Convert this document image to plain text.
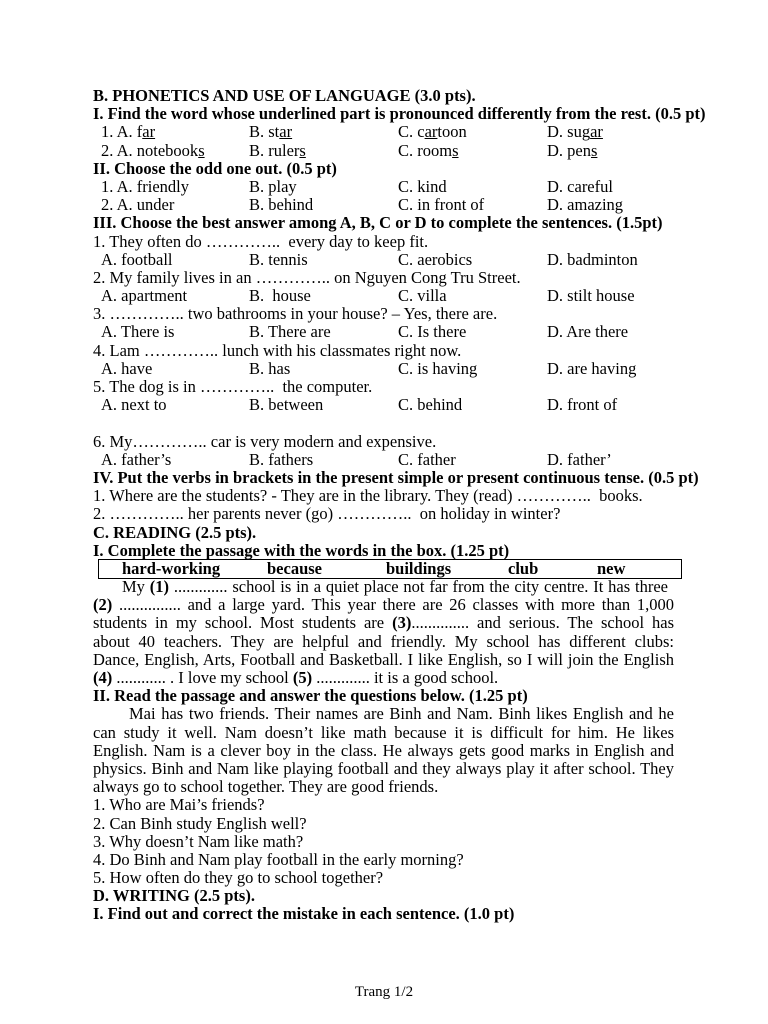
B. PHONETICS AND USE OF LANGUAGE (3.0 pts).
I. Find the word whose underlined part is pronounced differently from the rest. (0.5 pt)
1. A. far	B. star	C. cartoon	D. sugar
2. A. notebooks	B. rulers	C. rooms	D. pens
II. Choose the odd one out. (0.5 pt)
1. A. friendly	B. play	C. kind	D. careful
2. A. under	B. behind	C. in front of	D. amazing
III. Choose the best answer among A, B, C or D to complete the sentences. (1.5pt)
1. They often do …………..  every day to keep fit.
A. football	B. tennis	C. aerobics	D. badminton
2. My family lives in an ………….. on Nguyen Cong Tru Street.
A. apartment	B.  house	C. villa	D. stilt house
3. ………….. two bathrooms in your house? – Yes, there are.
A. There is	B. There are	C. Is there	D. Are there
4. Lam ………….. lunch with his classmates right now.
A. have	B. has	C. is having	D. are having
5. The dog is in …………..  the computer.
A. next to	B. between	C. behind	D. front of
6. My………….. car is very modern and expensive.
A. father’s	B. fathers	C. father	D. father’
IV. Put the verbs in brackets in the present simple or present continuous tense. (0.5 pt)
1. Where are the students? - They are in the library. They (read) …………..  books.
2. ………….. her parents never (go) …………..  on holiday in winter?
C. READING (2.5 pts).
I. Complete the passage with the words in the box. (1.25 pt)
hard-working	because	buildings	club	new
My (1) ............. school is in a quiet place not far from the city centre. It has three
(2) ............... and a large yard. This year there are 26 classes with more than 1,000
students in my school. Most students are (3).............. and serious. The school has
about 40 teachers. They are helpful and friendly. My school has different clubs:
Dance, English, Arts, Football and Basketball. I like English, so I will join the English
(4) ............ . I love my school (5) ............. it is a good school.
II. Read the passage and answer the questions below. (1.25 pt)
Mai has two friends. Their names are Binh and Nam. Binh likes English and he
can study it well. Nam doesn’t like math because it is difficult for him. He likes
English. Nam is a clever boy in the class. He always gets good marks in English and
physics. Binh and Nam like playing football and they always play it after school. They
always go to school together. They are good friends.
1. Who are Mai’s friends?
2. Can Binh study English well?
3. Why doesn’t Nam like math?
4. Do Binh and Nam play football in the early morning?
5. How often do they go to school together?
D. WRITING (2.5 pts).
I. Find out and correct the mistake in each sentence. (1.0 pt)
Trang 1/2
